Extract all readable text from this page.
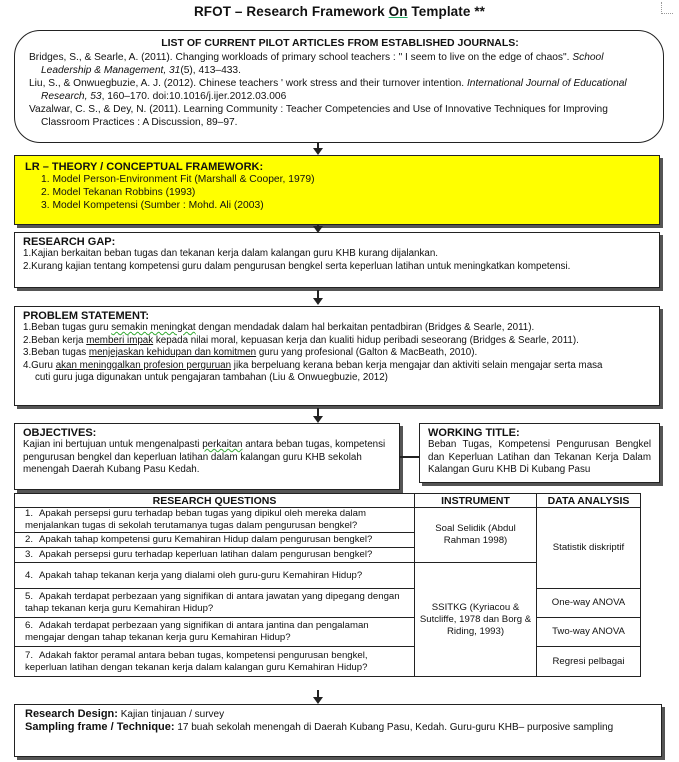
RFOT – Research Framework On Template **
LIST OF CURRENT PILOT ARTICLES FROM ESTABLISHED JOURNALS:
Bridges, S., & Searle, A. (2011). Changing workloads of primary school teachers : " I seem to live on the edge of chaos". School Leadership & Management, 31(5), 413–433.
Liu, S., & Onwuegbuzie, A. J. (2012). Chinese teachers ' work stress and their turnover intention. International Journal of Educational Research, 53, 160–170. doi:10.1016/j.ijer.2012.03.006
Vazalwar, C. S., & Dey, N. (2011). Learning Community : Teacher Competencies and Use of Innovative Techniques for Improving Classroom Practices : A Discussion, 89–97.
LR – THEORY / CONCEPTUAL FRAMEWORK:
1. Model Person-Environment Fit (Marshall & Cooper, 1979)
2. Model Tekanan Robbins (1993)
3. Model Kompetensi (Sumber : Mohd. Ali (2003)
RESEARCH GAP:
1.Kajian berkaitan beban tugas dan tekanan kerja dalam kalangan guru KHB kurang dijalankan.
2.Kurang kajian tentang kompetensi guru dalam pengurusan bengkel serta keperluan latihan untuk meningkatkan kompetensi.
PROBLEM STATEMENT:
1.Beban tugas guru semakin meningkat dengan mendadak dalam hal berkaitan pentadbiran (Bridges & Searle, 2011).
2.Beban kerja memberi impak kepada nilai moral, kepuasan kerja dan kualiti hidup peribadi seseorang (Bridges & Searle, 2011).
3.Beban tugas menjejaskan kehidupan dan komitmen guru yang profesional (Galton & MacBeath, 2010).
4.Guru akan meninggalkan profesion perguruan jika berpeluang kerana beban kerja mengajar dan aktiviti selain mengajar serta masa
cuti guru juga digunakan untuk pengajaran tambahan (Liu & Onwuegbuzie, 2012)
OBJECTIVES:
Kajian ini bertujuan untuk mengenalpasti perkaitan antara beban tugas, kompetensi pengurusan bengkel dan keperluan latihan dalam kalangan guru KHB sekolah menengah Daerah Kubang Pasu Kedah.
WORKING TITLE:
Beban Tugas, Kompetensi Pengurusan Bengkel dan Keperluan Latihan dan Tekanan Kerja Dalam Kalangan Guru KHB Di Kubang Pasu
RESEARCH QUESTIONS	INSTRUMENT	DATA ANALYSIS
1. Apakah persepsi guru terhadap beban tugas yang dipikul oleh mereka dalam menjalankan tugas di sekolah terutamanya tugas dalam pengurusan bengkel?	Soal Selidik (Abdul Rahman 1998)	Statistik diskriptif
2. Apakah tahap kompetensi guru Kemahiran Hidup dalam pengurusan bengkel?		
3. Apakah persepsi guru terhadap keperluan latihan dalam pengurusan bengkel?		
4. Apakah tahap tekanan kerja yang dialami oleh guru-guru Kemahiran Hidup?	SSITKG (Kyriacou & Sutcliffe, 1978 dan Borg & Riding, 1993)	
5. Apakah terdapat perbezaan yang signifikan di antara jawatan yang dipegang dengan tahap tekanan kerja guru Kemahiran Hidup?		One-way ANOVA
6. Adakah terdapat perbezaan yang signifikan di antara jantina dan pengalaman mengajar dengan tahap tekanan kerja guru Kemahiran Hidup?		Two-way ANOVA
7. Adakah faktor peramal antara beban tugas, kompetensi pengurusan bengkel, keperluan latihan dengan tekanan kerja dalam kalangan guru Kemahiran Hidup?		Regresi pelbagai
Research Design: Kajian tinjauan / survey
Sampling frame / Technique: 17 buah sekolah menengah di Daerah Kubang Pasu, Kedah. Guru-guru KHB– purposive sampling
